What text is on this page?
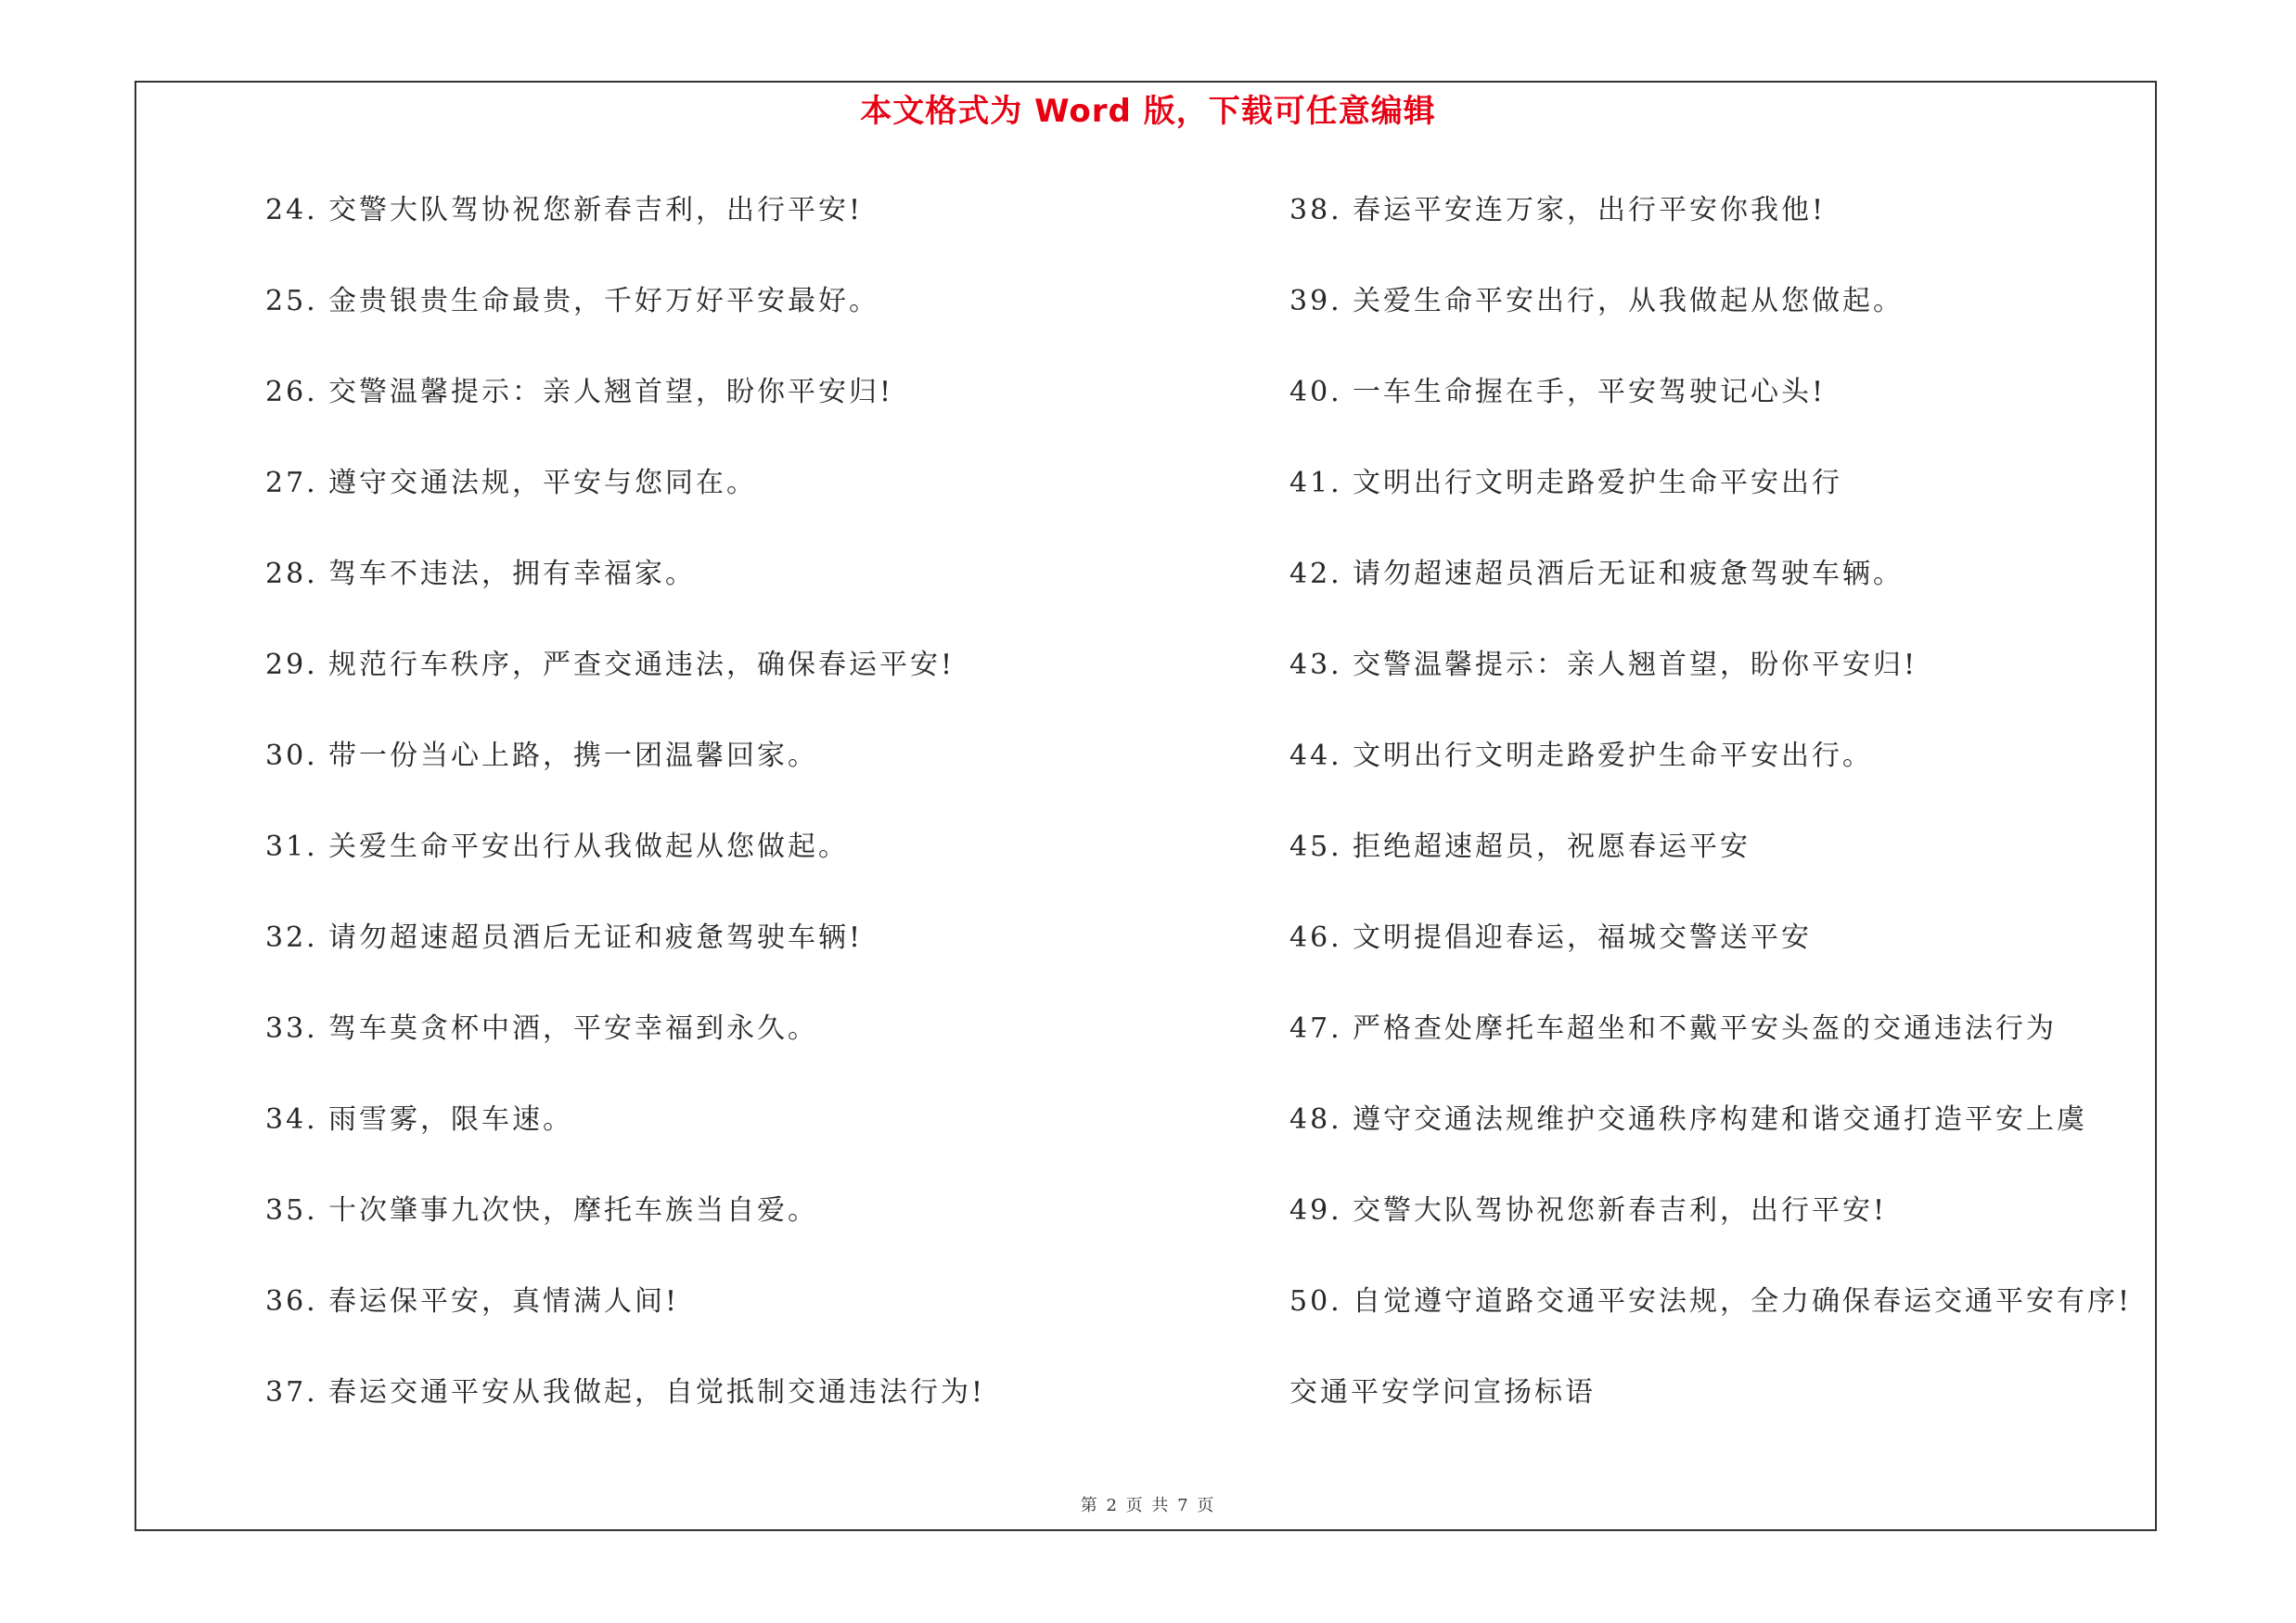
本文格式为 Word 版，下载可任意编辑
24. 交警大队驾协祝您新春吉利，出行平安!
25. 金贵银贵生命最贵，千好万好平安最好。
26. 交警温馨提示：亲人翘首望，盼你平安归!
27. 遵守交通法规，平安与您同在。
28. 驾车不违法，拥有幸福家。
29. 规范行车秩序，严查交通违法，确保春运平安!
30. 带一份当心上路，携一团温馨回家。
31. 关爱生命平安出行从我做起从您做起。
32. 请勿超速超员酒后无证和疲惫驾驶车辆!
33. 驾车莫贪杯中酒，平安幸福到永久。
34. 雨雪雾，限车速。
35. 十次肇事九次快，摩托车族当自爱。
36. 春运保平安，真情满人间!
37. 春运交通平安从我做起，自觉抵制交通违法行为!
38. 春运平安连万家，出行平安你我他!
39. 关爱生命平安出行，从我做起从您做起。
40. 一车生命握在手，平安驾驶记心头!
41. 文明出行文明走路爱护生命平安出行
42. 请勿超速超员酒后无证和疲惫驾驶车辆。
43. 交警温馨提示：亲人翘首望，盼你平安归!
44. 文明出行文明走路爱护生命平安出行。
45. 拒绝超速超员，祝愿春运平安
46. 文明提倡迎春运，福城交警送平安
47. 严格查处摩托车超坐和不戴平安头盔的交通违法行为
48. 遵守交通法规维护交通秩序构建和谐交通打造平安上虞
49. 交警大队驾协祝您新春吉利，出行平安!
50. 自觉遵守道路交通平安法规，全力确保春运交通平安有序!
交通平安学问宣扬标语
第 2 页 共 7 页
